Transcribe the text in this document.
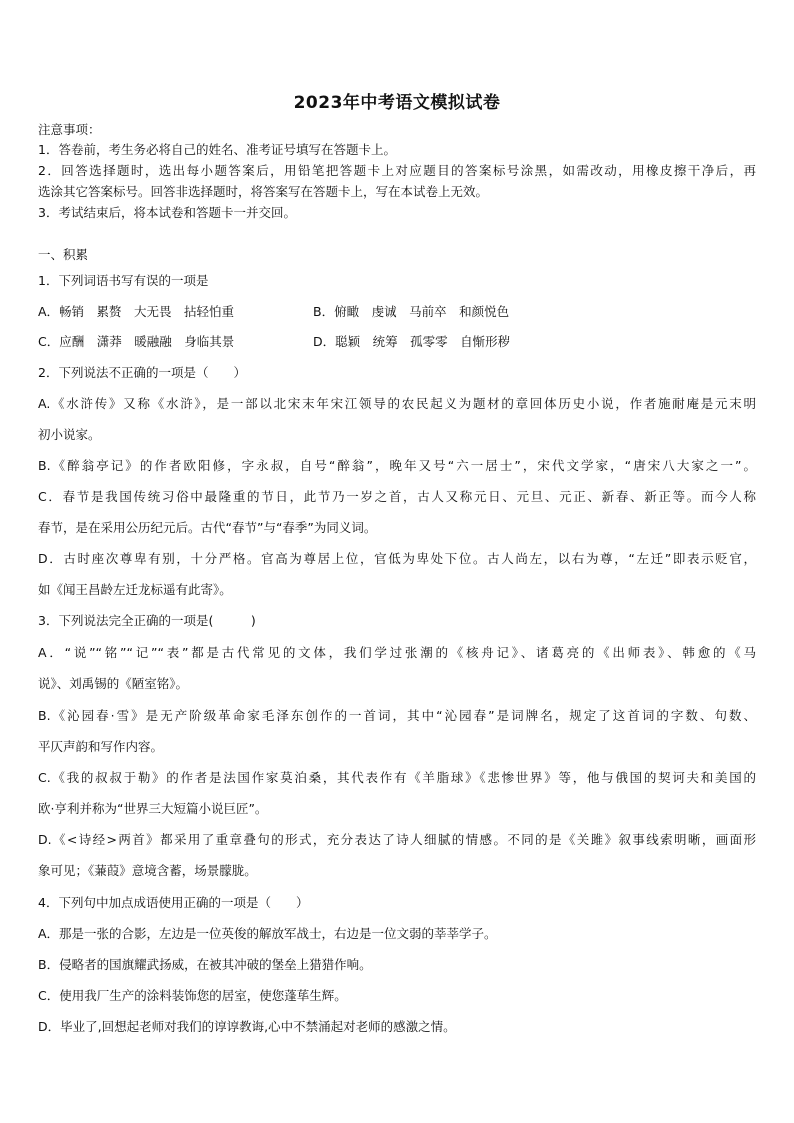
2023年中考语文模拟试卷
注意事项：
1．答卷前，考生务必将自己的姓名、准考证号填写在答题卡上。
2．回答选择题时，选出每小题答案后，用铅笔把答题卡上对应题目的答案标号涂黑，如需改动，用橡皮擦干净后，再
选涂其它答案标号。回答非选择题时，将答案写在答题卡上，写在本试卷上无效。
3．考试结束后，将本试卷和答题卡一并交回。
一、积累
1．下列词语书写有误的一项是
A．畅销　累赘　大无畏　拈轻怕重	B．俯瞰　虔诚　马前卒　和颜悦色
C．应酬　潇莽　暖融融　身临其景	D．聪颖　统筹　孤零零　自惭形秽
2．下列说法不正确的一项是（　　）
A.《水浒传》又称《水浒》，是一部以北宋末年宋江领导的农民起义为题材的章回体历史小说，作者施耐庵是元末明
初小说家。
B.《醉翁亭记》的作者欧阳修，字永叔，自号“醉翁”，晚年又号“六一居士”，宋代文学家，“唐宋八大家之一”。
C．春节是我国传统习俗中最隆重的节日，此节乃一岁之首，古人又称元日、元旦、元正、新春、新正等。而今人称
春节，是在采用公历纪元后。古代“春节”与“春季”为同义词。
D．古时座次尊卑有别，十分严格。官高为尊居上位，官低为卑处下位。古人尚左，以右为尊，“左迁”即表示贬官，
如《闻王昌龄左迁龙标遥有此寄》。
3．下列说法完全正确的一项是(　　　)
A．“说”“铭”“记”“表”都是古代常见的文体，我们学过张潮的《核舟记》、诸葛亮的《出师表》、韩愈的《马
说》、刘禹锡的《陋室铭》。
B.《沁园春·雪》是无产阶级革命家毛泽东创作的一首词，其中“沁园春”是词牌名，规定了这首词的字数、句数、
平仄声韵和写作内容。
C.《我的叔叔于勒》的作者是法国作家莫泊桑，其代表作有《羊脂球》《悲惨世界》等，他与俄国的契诃夫和美国的
欧·亨利并称为“世界三大短篇小说巨匠”。
D.《<诗经>两首》都采用了重章叠句的形式，充分表达了诗人细腻的情感。不同的是《关雎》叙事线索明晰，画面形
象可见；《蒹葭》意境含蓄，场景朦胧。
4．下列句中加点成语使用正确的一项是（　　）
A．那是一张的合影，左边是一位英俊的解放军战士，右边是一位文弱的莘莘学子。
B．侵略者的国旗耀武扬威，在被其冲破的堡垒上猎猎作响。
C．使用我厂生产的涂料装饰您的居室，使您蓬荜生辉。
D．毕业了,回想起老师对我们的谆谆教诲,心中不禁涌起对老师的感激之情。
